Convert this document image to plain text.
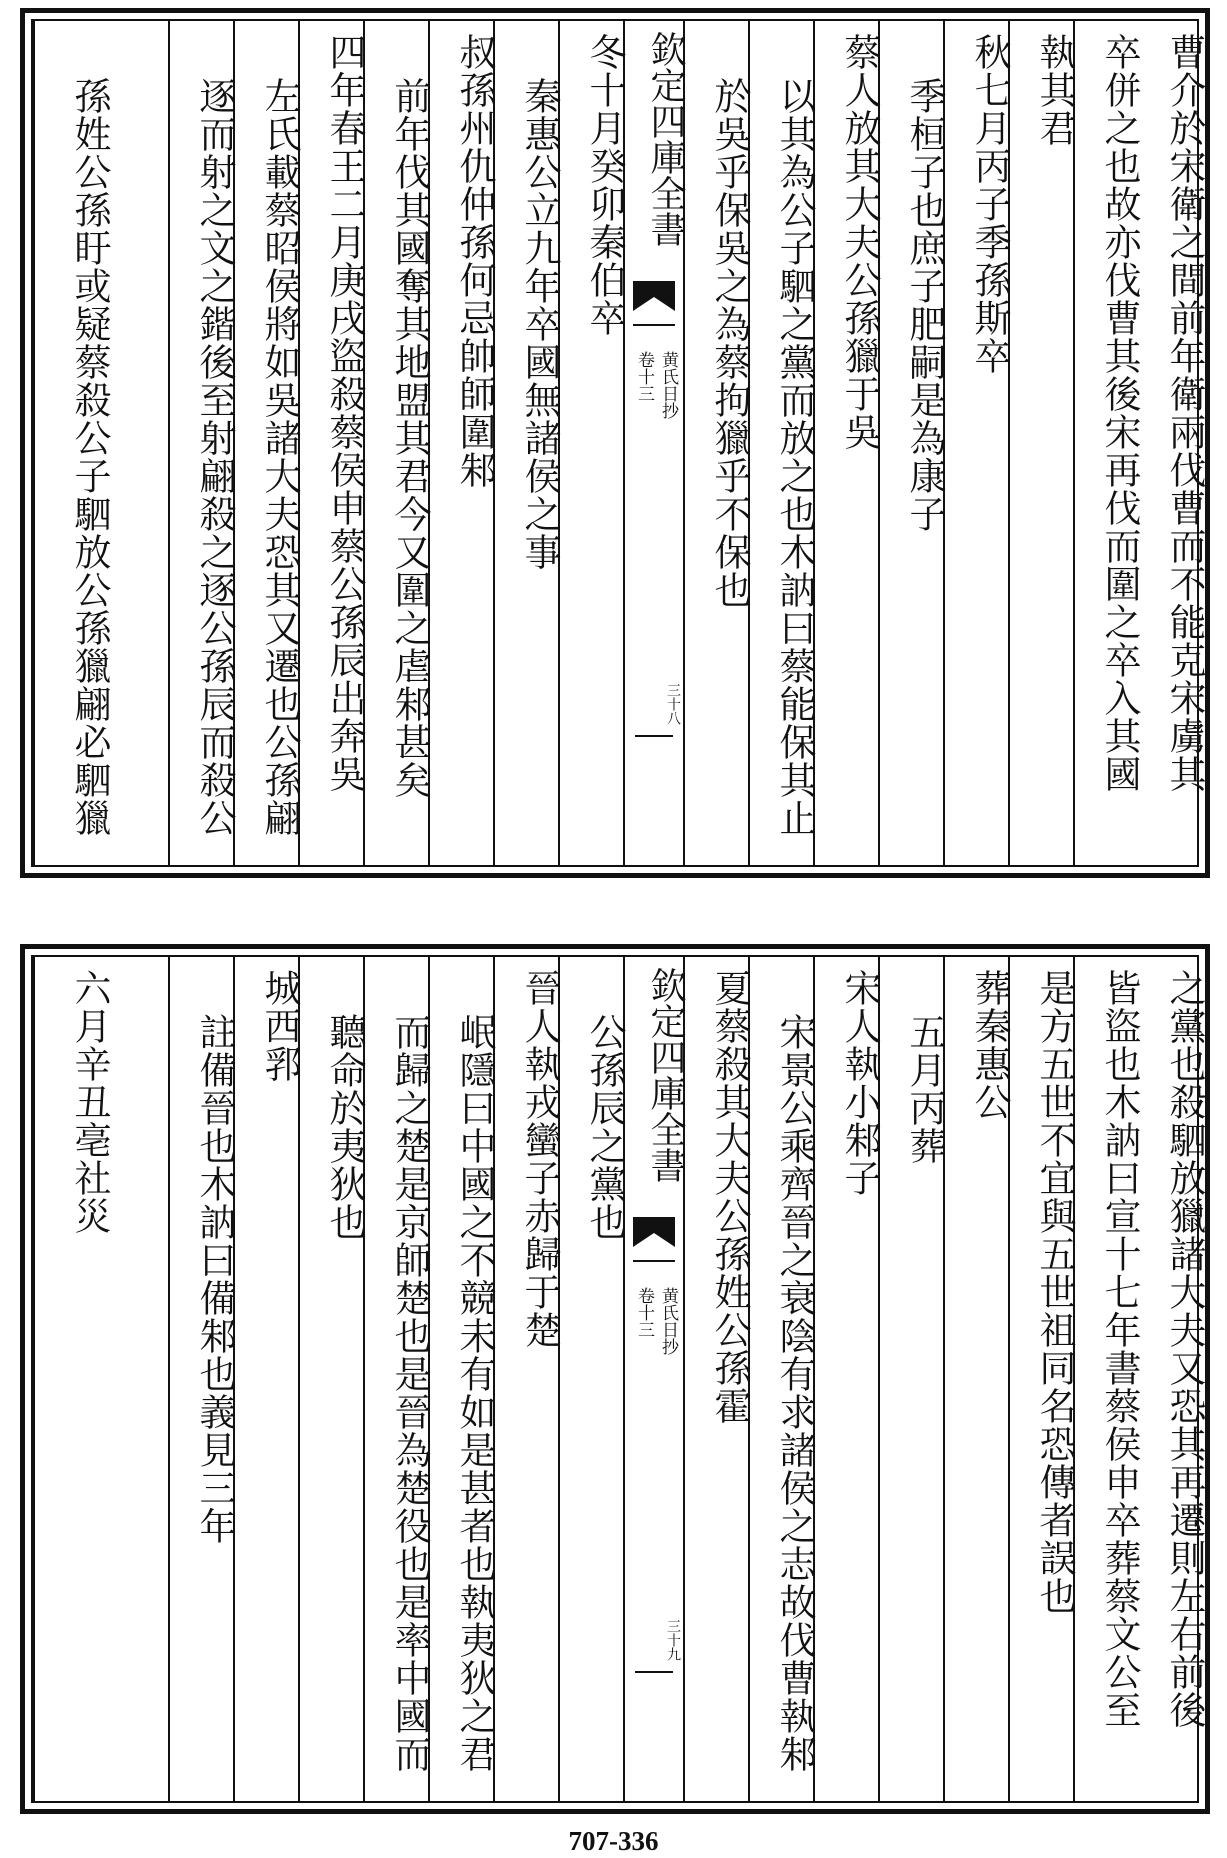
曹介於宋衛之間前年衛兩伐曹而不能克宋虜其
卒併之也故亦伐曹其後宋再伐而圍之卒入其國
執其君
秋七月丙子季孫斯卒
季桓子也庶子肥嗣是為康子
蔡人放其大夫公孫獵于吳
以其為公子駟之黨而放之也木訥曰蔡能保其止
於吳乎保吳之為蔡拘獵乎不保也
欽定四庫全書
黄氏日抄
卷十三
三十八
冬十月癸卯秦伯卒
秦惠公立九年卒國無諸侯之事
叔孫州仇仲孫何忌帥師圍邾
前年伐其國奪其地盟其君今又圍之虐邾甚矣
四年春王二月庚戌盜殺蔡侯申蔡公孫辰出奔吳
左氏載蔡昭侯將如吳諸大夫恐其又遷也公孫翩
逐而射之文之鍇後至射翩殺之逐公孫辰而殺公
孫姓公孫盱或疑蔡殺公子駟放公孫獵翩必駟獵
之黨也殺駟放獵諸大夫又恐其再遷則左右前後
皆盜也木訥曰宣十七年書蔡侯申卒葬蔡文公至
是方五世不宜與五世祖同名恐傳者誤也
葬秦惠公
五月丙葬
宋人執小邾子
宋景公乘齊晉之衰陰有求諸侯之志故伐曹執邾
夏蔡殺其大夫公孫姓公孫霍
欽定四庫全書
黄氏日抄
卷十三
三十九
公孫辰之黨也
晉人執戎蠻子赤歸于楚
岷隱曰中國之不競未有如是甚者也執夷狄之君
而歸之楚是京師楚也是晉為楚役也是率中國而
聽命於夷狄也
城西郛
註備晉也木訥曰備邾也義見三年
六月辛丑亳社災
707-336
